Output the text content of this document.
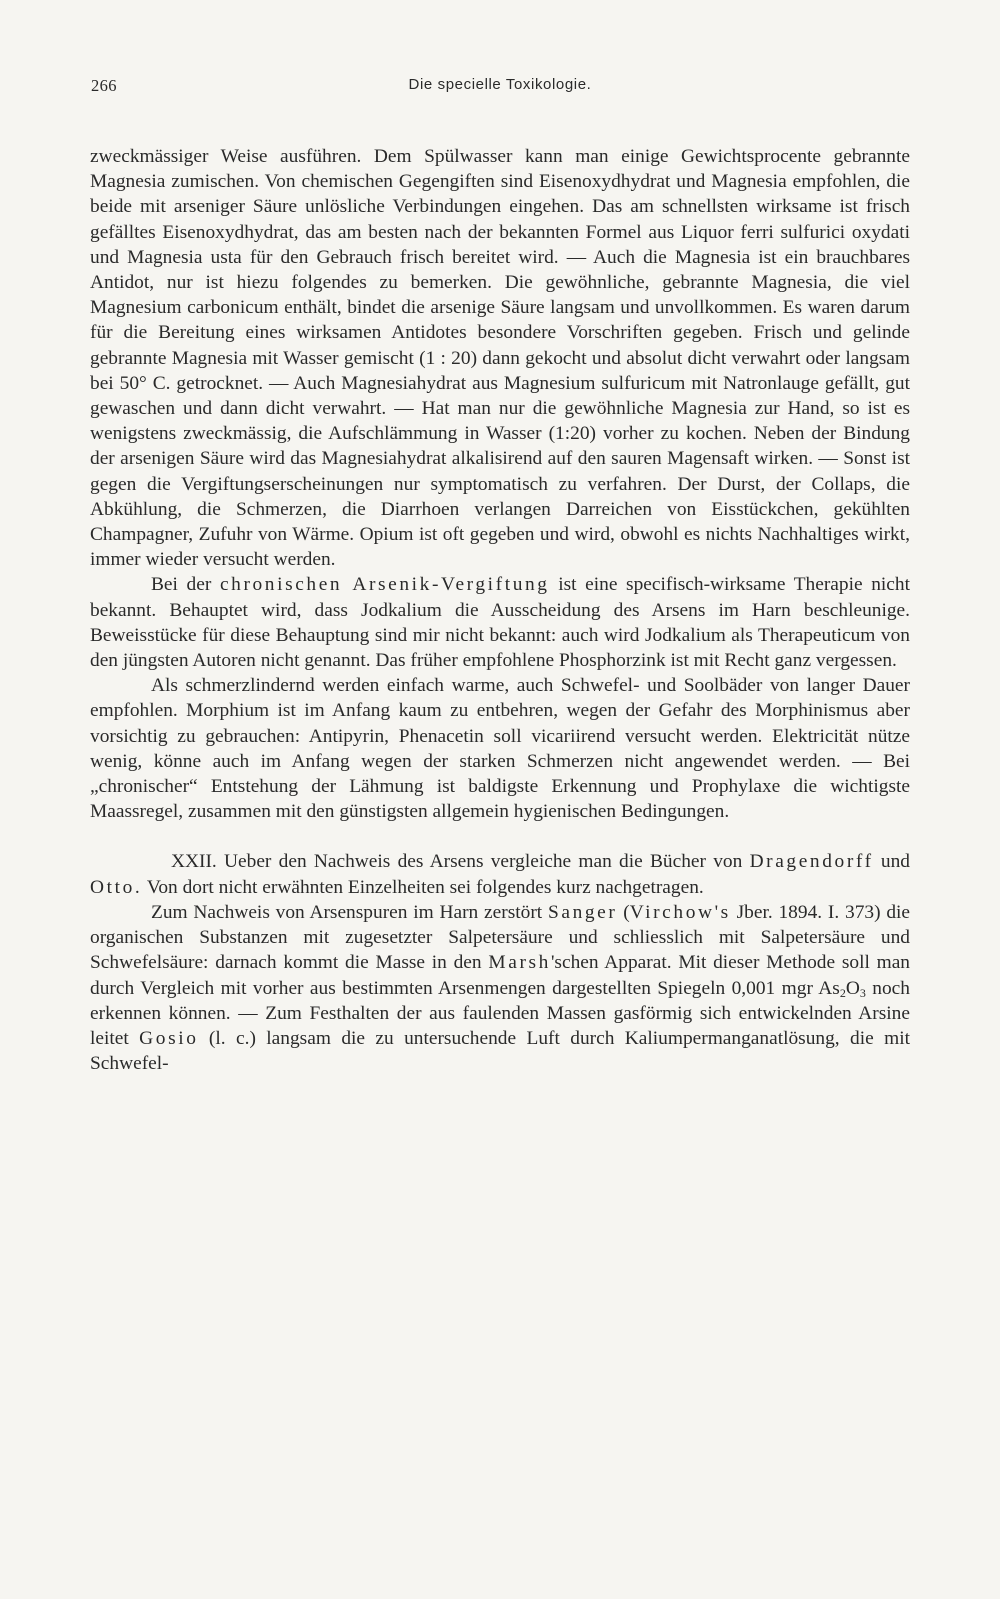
266	Die specielle Toxikologie.

zweckmässiger Weise ausführen. Dem Spülwasser kann man einige Gewichtsprocente gebrannte Magnesia zumischen. Von chemischen Gegengiften sind Eisenoxydhydrat und Magnesia empfohlen, die beide mit arseniger Säure unlösliche Verbindungen eingehen. Das am schnellsten wirksame ist frisch gefälltes Eisenoxydhydrat, das am besten nach der bekannten Formel aus Liquor ferri sulfurici oxydati und Magnesia usta für den Gebrauch frisch bereitet wird. — Auch die Magnesia ist ein brauchbares Antidot, nur ist hiezu folgendes zu bemerken. Die gewöhnliche, gebrannte Magnesia, die viel Magnesium carbonicum enthält, bindet die arsenige Säure langsam und unvollkommen. Es waren darum für die Bereitung eines wirksamen Antidotes besondere Vorschriften gegeben. Frisch und gelinde gebrannte Magnesia mit Wasser gemischt (1 : 20) dann gekocht und absolut dicht verwahrt oder langsam bei 50° C. getrocknet. — Auch Magnesiahydrat aus Magnesium sulfuricum mit Natronlauge gefällt, gut gewaschen und dann dicht verwahrt. — Hat man nur die gewöhnliche Magnesia zur Hand, so ist es wenigstens zweckmässig, die Aufschlämmung in Wasser (1:20) vorher zu kochen. Neben der Bindung der arsenigen Säure wird das Magnesiahydrat alkalisirend auf den sauren Magensaft wirken. — Sonst ist gegen die Vergiftungserscheinungen nur symptomatisch zu verfahren. Der Durst, der Collaps, die Abkühlung, die Schmerzen, die Diarrhoen verlangen Darreichen von Eisstückchen, gekühlten Champagner, Zufuhr von Wärme. Opium ist oft gegeben und wird, obwohl es nichts Nachhaltiges wirkt, immer wieder versucht werden.

Bei der chronischen Arsenik-Vergiftung ist eine specifisch-wirksame Therapie nicht bekannt. Behauptet wird, dass Jodkalium die Ausscheidung des Arsens im Harn beschleunige. Beweisstücke für diese Behauptung sind mir nicht bekannt: auch wird Jodkalium als Therapeuticum von den jüngsten Autoren nicht genannt. Das früher empfohlene Phosphorzink ist mit Recht ganz vergessen.

Als schmerzlindernd werden einfach warme, auch Schwefel- und Soolbäder von langer Dauer empfohlen. Morphium ist im Anfang kaum zu entbehren, wegen der Gefahr des Morphinismus aber vorsichtig zu gebrauchen: Antipyrin, Phenacetin soll vicariirend versucht werden. Elektricität nütze wenig, könne auch im Anfang wegen der starken Schmerzen nicht angewendet werden. — Bei „chronischer“ Entstehung der Lähmung ist baldigste Erkennung und Prophylaxe die wichtigste Maassregel, zusammen mit den günstigsten allgemein hygienischen Bedingungen.

XXII. Ueber den Nachweis des Arsens vergleiche man die Bücher von Dragendorff und Otto. Von dort nicht erwähnten Einzelheiten sei folgendes kurz nachgetragen.

Zum Nachweis von Arsenspuren im Harn zerstört Sanger (Virchow's Jber. 1894. I. 373) die organischen Substanzen mit zugesetzter Salpetersäure und schliesslich mit Salpetersäure und Schwefelsäure: darnach kommt die Masse in den Marsh'schen Apparat. Mit dieser Methode soll man durch Vergleich mit vorher aus bestimmten Arsenmengen dargestellten Spiegeln 0,001 mgr $As_2O_3$ noch erkennen können. — Zum Festhalten der aus faulenden Massen gasförmig sich entwickelnden Arsine leitet Gosio (l. c.) langsam die zu untersuchende Luft durch Kaliumpermanganatlösung, die mit Schwefel-
